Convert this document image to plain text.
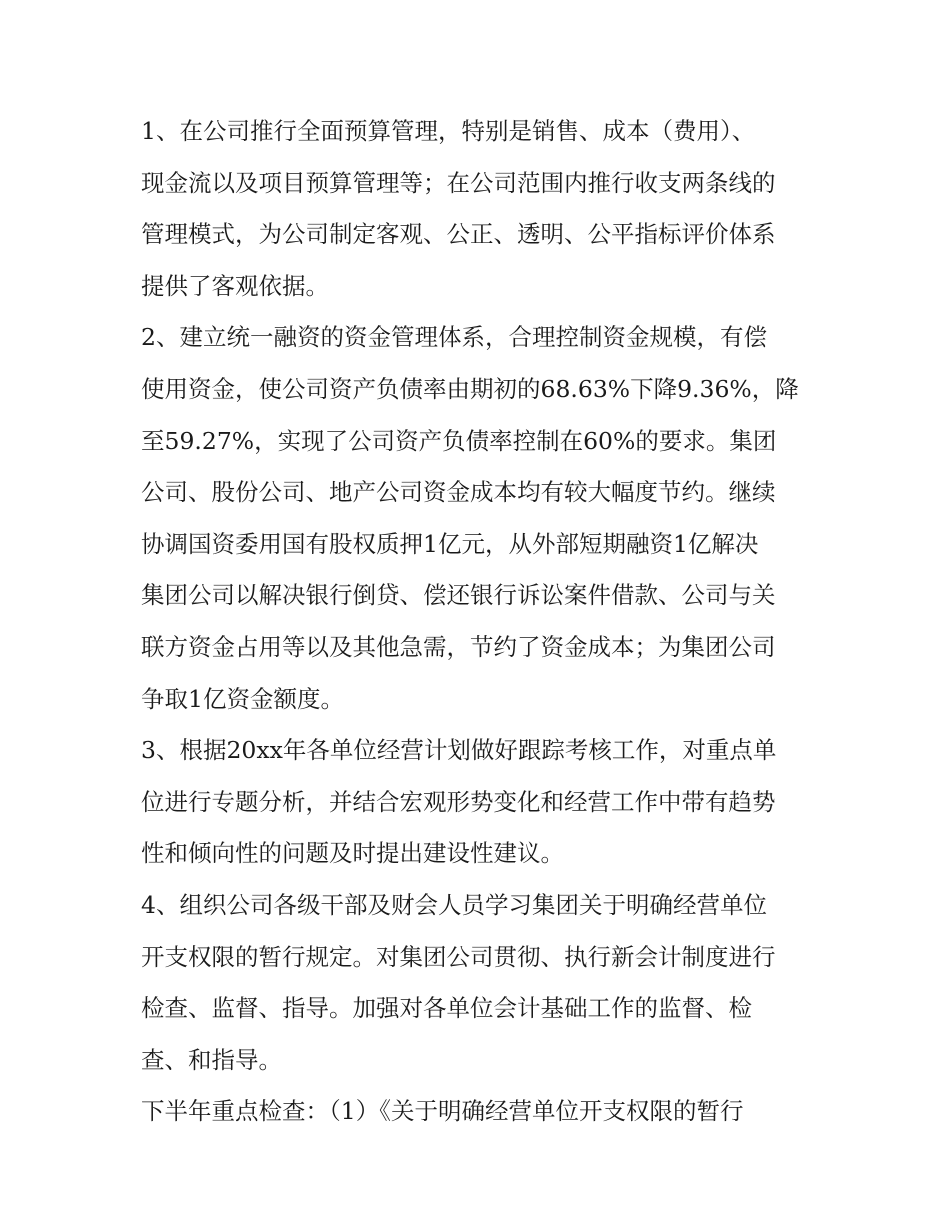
1、在公司推行全面预算管理，特别是销售、成本（费用）、
现金流以及项目预算管理等；在公司范围内推行收支两条线的
管理模式，为公司制定客观、公正、透明、公平指标评价体系
提供了客观依据。
2、建立统一融资的资金管理体系，合理控制资金规模，有偿
使用资金，使公司资产负债率由期初的68.63%下降9.36%，降
至59.27%，实现了公司资产负债率控制在60%的要求。集团
公司、股份公司、地产公司资金成本均有较大幅度节约。继续
协调国资委用国有股权质押1亿元，从外部短期融资1亿解决
集团公司以解决银行倒贷、偿还银行诉讼案件借款、公司与关
联方资金占用等以及其他急需，节约了资金成本；为集团公司
争取1亿资金额度。
3、根据20xx年各单位经营计划做好跟踪考核工作，对重点单
位进行专题分析，并结合宏观形势变化和经营工作中带有趋势
性和倾向性的问题及时提出建设性建议。
4、组织公司各级干部及财会人员学习集团关于明确经营单位
开支权限的暂行规定。对集团公司贯彻、执行新会计制度进行
检查、监督、指导。加强对各单位会计基础工作的监督、检
查、和指导。
下半年重点检查：（1）《关于明确经营单位开支权限的暂行
